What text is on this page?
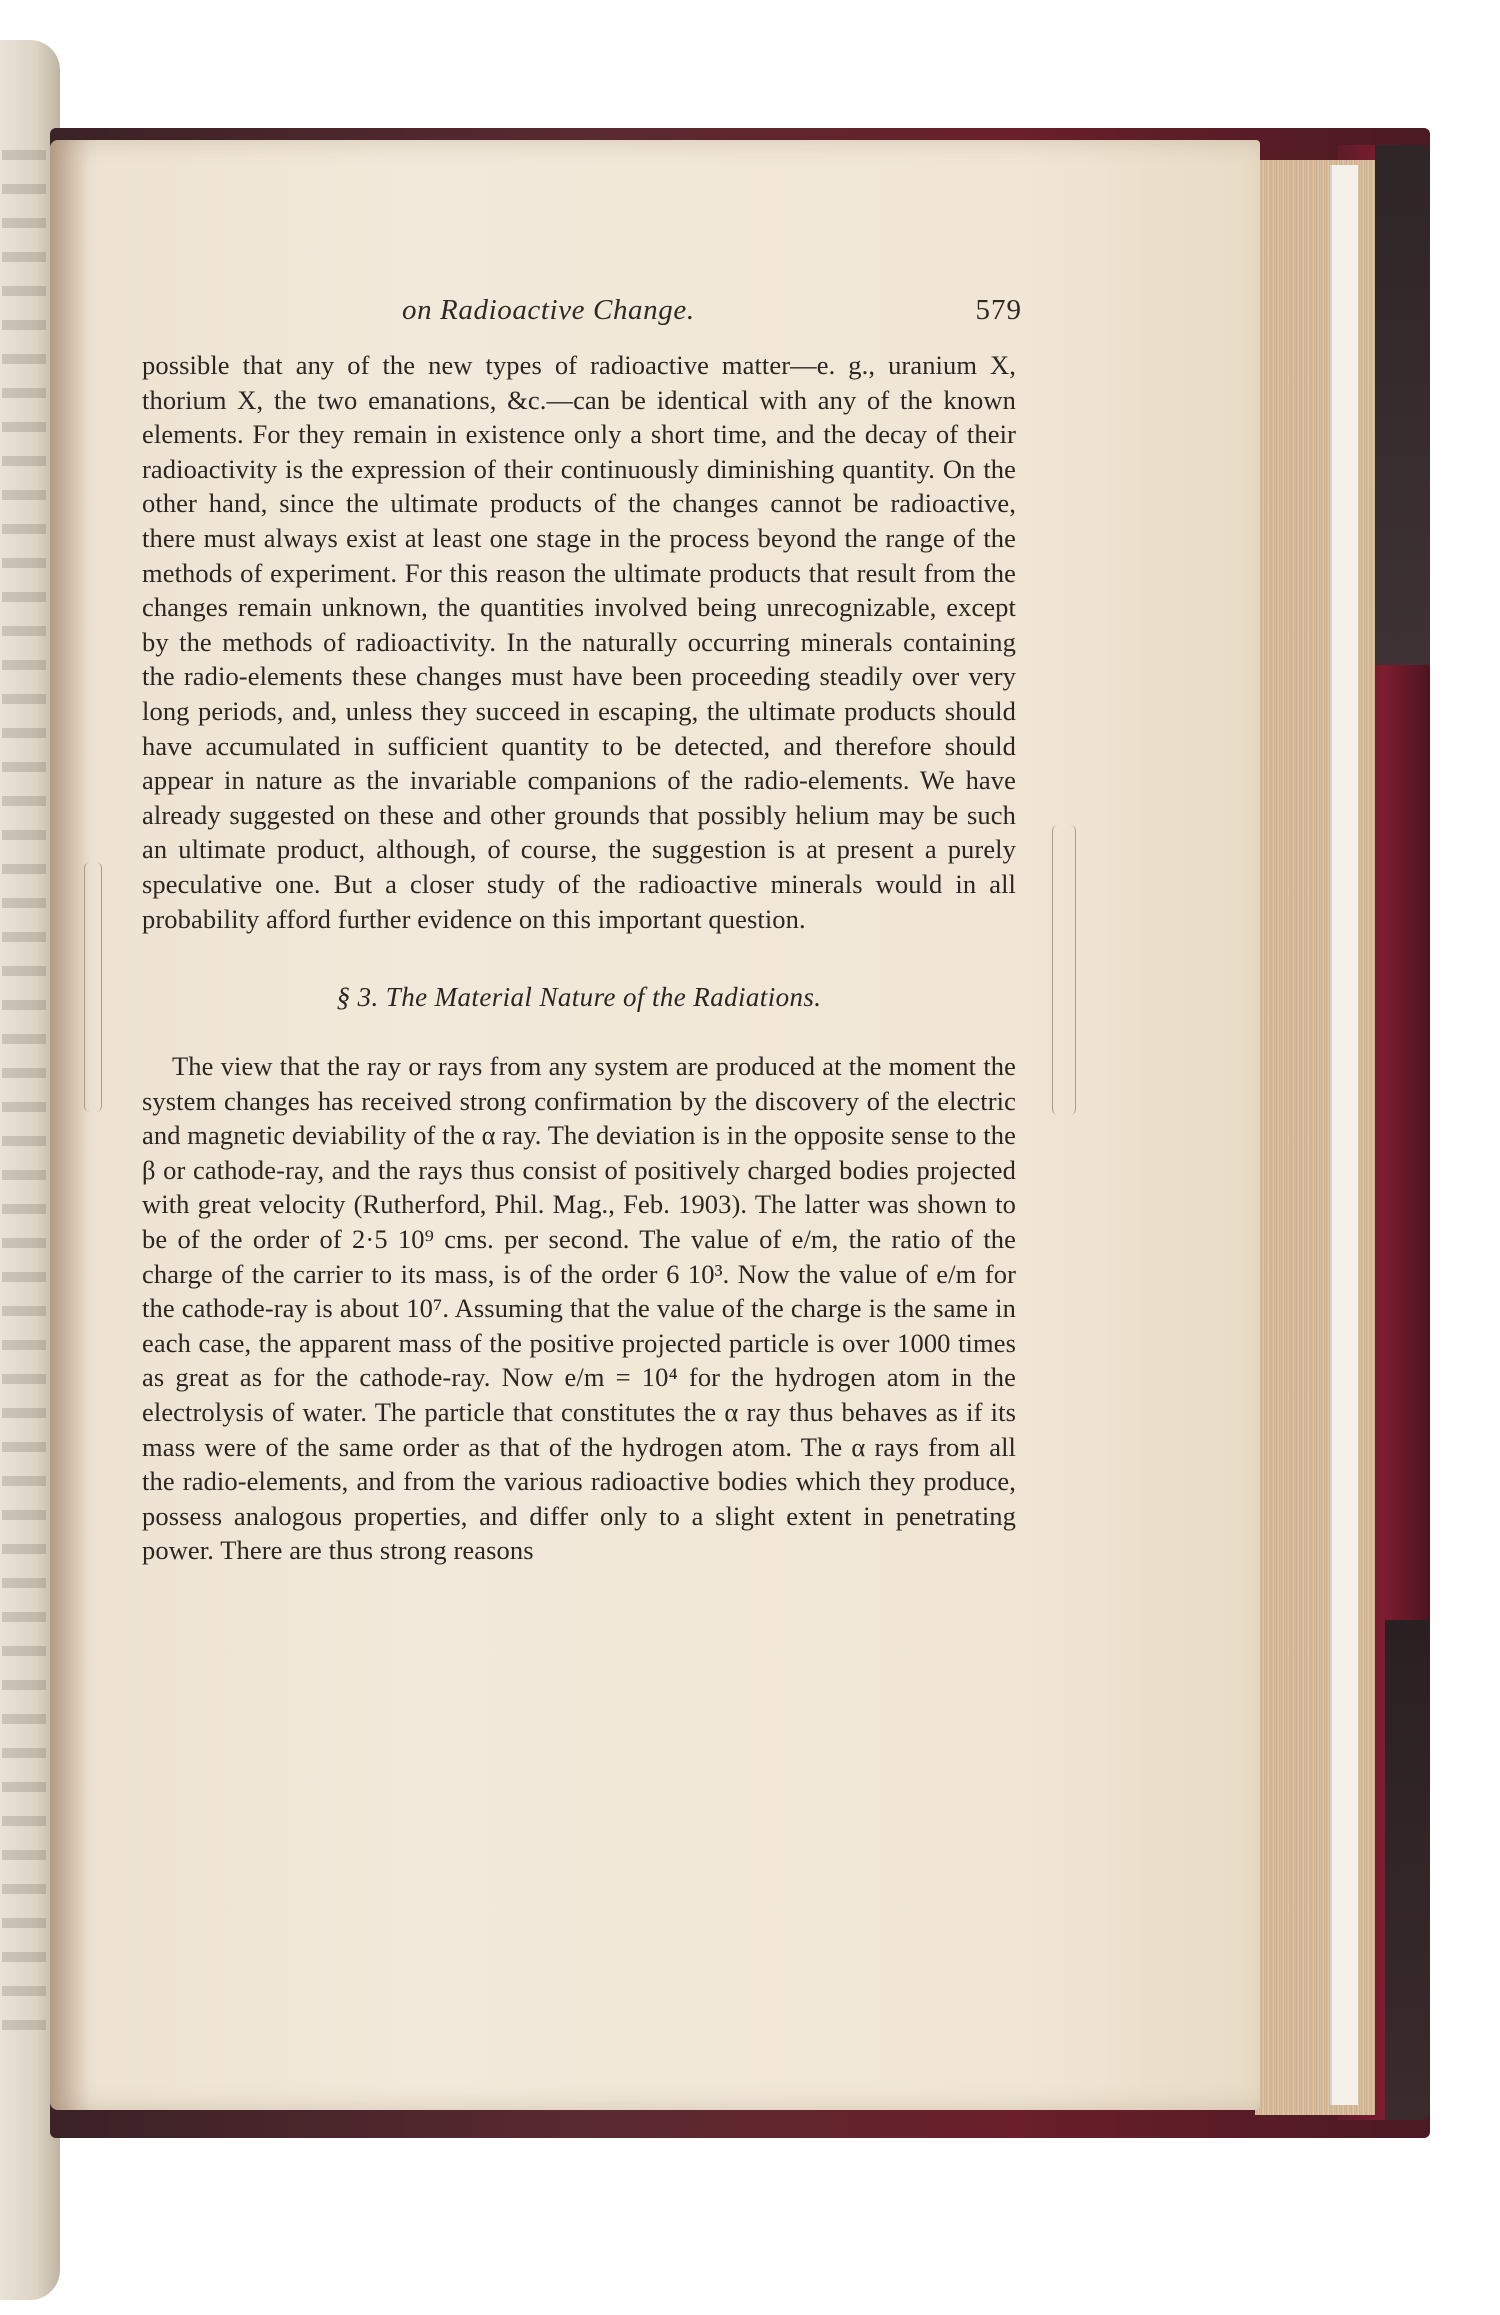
on Radioactive Change.	579

possible that any of the new types of radioactive matter—e. g., uranium X, thorium X, the two emanations, &c.—can be identical with any of the known elements. For they remain in existence only a short time, and the decay of their radioactivity is the expression of their continuously diminishing quantity. On the other hand, since the ultimate products of the changes cannot be radioactive, there must always exist at least one stage in the process beyond the range of the methods of experiment. For this reason the ultimate products that result from the changes remain unknown, the quantities involved being unrecognizable, except by the methods of radioactivity. In the naturally occurring minerals containing the radio-elements these changes must have been proceeding steadily over very long periods, and, unless they succeed in escaping, the ultimate products should have accumulated in sufficient quantity to be detected, and therefore should appear in nature as the invariable companions of the radio-elements. We have already suggested on these and other grounds that possibly helium may be such an ultimate product, although, of course, the suggestion is at present a purely speculative one. But a closer study of the radioactive minerals would in all probability afford further evidence on this important question.

§ 3. The Material Nature of the Radiations.

The view that the ray or rays from any system are produced at the moment the system changes has received strong confirmation by the discovery of the electric and magnetic deviability of the α ray. The deviation is in the opposite sense to the β or cathode-ray, and the rays thus consist of positively charged bodies projected with great velocity (Rutherford, Phil. Mag., Feb. 1903). The latter was shown to be of the order of 2·5 10⁹ cms. per second. The value of e/m, the ratio of the charge of the carrier to its mass, is of the order 6 10³. Now the value of e/m for the cathode-ray is about 10⁷. Assuming that the value of the charge is the same in each case, the apparent mass of the positive projected particle is over 1000 times as great as for the cathode-ray. Now e/m = 10⁴ for the hydrogen atom in the electrolysis of water. The particle that constitutes the α ray thus behaves as if its mass were of the same order as that of the hydrogen atom. The α rays from all the radio-elements, and from the various radioactive bodies which they produce, possess analogous properties, and differ only to a slight extent in penetrating power. There are thus strong reasons
